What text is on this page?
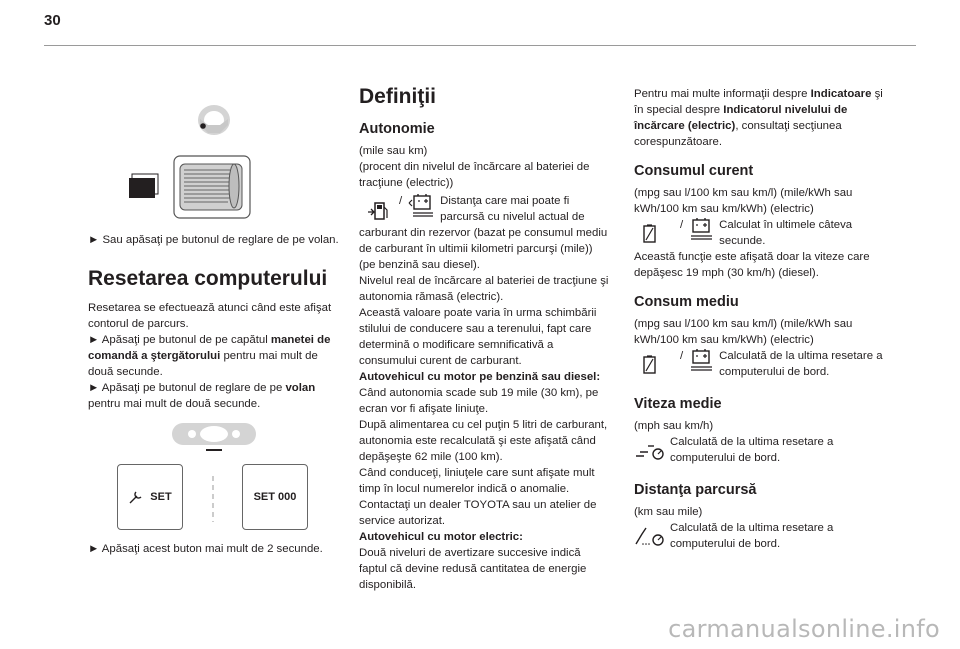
30

► Sau apăsaţi pe butonul de reglare de pe volan.

Resetarea computerului

Resetarea se efectuează atunci când este afişat contorul de parcurs.

► Apăsaţi pe butonul de pe capătul manetei de comandă a ştergătorului pentru mai mult de două secunde.

► Apăsaţi pe butonul de reglare de pe volan pentru mai mult de două secunde.

SET	SET 000

► Apăsaţi acest buton mai mult de 2 secunde.

Definiţii

Autonomie

(mile sau km)

(procent din nivelul de încărcare al bateriei de tracţiune (electric))

/	Distanţa care mai poate fi parcursă cu nivelul actual de

carburant din rezervor (bazat pe consumul mediu de carburant în ultimii kilometri parcurşi (mile)) (pe benzină sau diesel).

Nivelul real de încărcare al bateriei de tracţiune şi autonomia rămasă (electric).

Această valoare poate varia în urma schimbării stilului de conducere sau a terenului, fapt care determină o modificare semnificativă a consumului curent de carburant.

Autovehicul cu motor pe benzină sau diesel:

Când autonomia scade sub 19 mile (30 km), pe ecran vor fi afişate liniuţe.

După alimentarea cu cel puţin 5 litri de carburant, autonomia este recalculată şi este afişată când depăşeşte 62 mile (100 km).

Când conduceţi, liniuţele care sunt afişate mult timp în locul numerelor indică o anomalie.

Contactaţi un dealer TOYOTA sau un atelier de service autorizat.

Autovehicul cu motor electric:

Două niveluri de avertizare succesive indică faptul că devine redusă cantitatea de energie disponibilă.

Pentru mai multe informaţii despre Indicatoare şi în special despre Indicatorul nivelului de încărcare (electric), consultaţi secţiunea corespunzătoare.

Consumul curent

(mpg sau l/100 km sau km/l) (mile/kWh sau kWh/100 km sau km/kWh) (electric)

/	Calculat în ultimele câteva secunde.

Această funcţie este afişată doar la viteze care depăşesc 19 mph (30 km/h) (diesel).

Consum mediu

(mpg sau l/100 km sau km/l) (mile/kWh sau kWh/100 km sau km/kWh) (electric)

/	Calculată de la ultima resetare a computerului de bord.

Viteza medie

(mph sau km/h)

Calculată de la ultima resetare a computerului de bord.

Distanţa parcursă

(km sau mile)

Calculată de la ultima resetare a computerului de bord.
carmanualsonline.info
